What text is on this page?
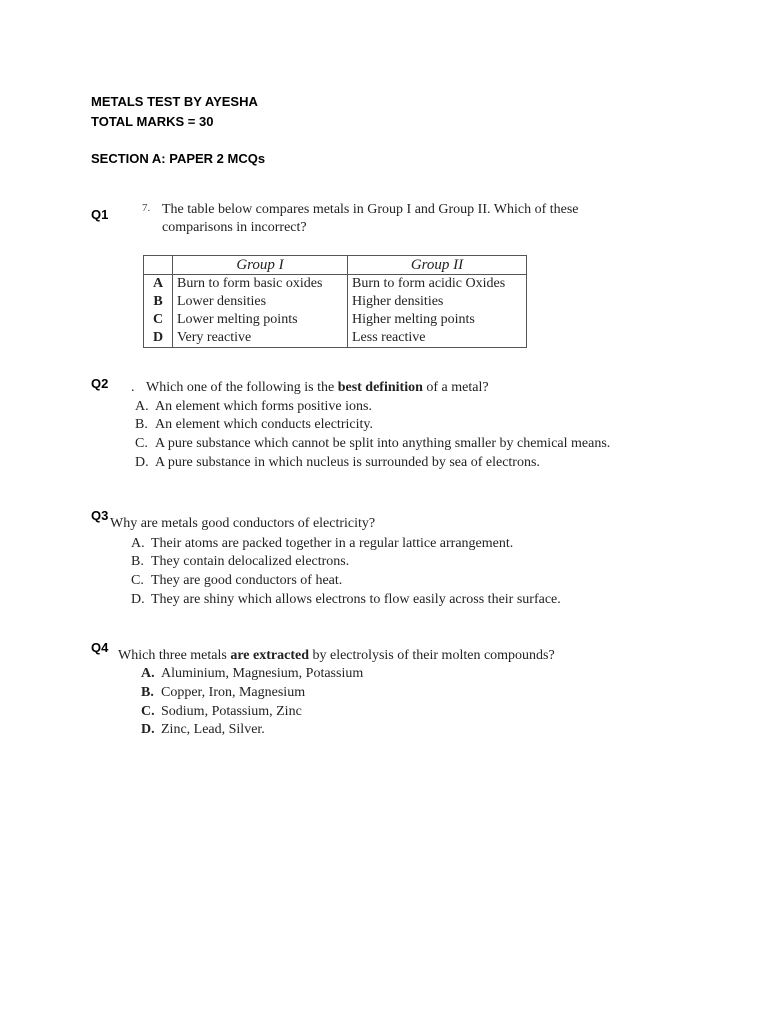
METALS TEST BY AYESHA
TOTAL MARKS = 30
SECTION A: PAPER 2 MCQs
Q1	7. The table below compares metals in Group I and Group II. Which of these
comparisons in incorrect?
	Group I	Group II
A	Burn to form basic oxides	Burn to form acidic Oxides
B	Lower densities	Higher densities
C	Lower melting points	Higher melting points
D	Very reactive	Less reactive
Q2 . Which one of the following is the best definition of a metal?
A. An element which forms positive ions.
B. An element which conducts electricity.
C. A pure substance which cannot be split into anything smaller by chemical means.
D. A pure substance in which nucleus is surrounded by sea of electrons.
Q3
Why are metals good conductors of electricity?
A. Their atoms are packed together in a regular lattice arrangement.
B. They contain delocalized electrons.
C. They are good conductors of heat.
D. They are shiny which allows electrons to flow easily across their surface.
Q4
Which three metals are extracted by electrolysis of their molten compounds?
A. Aluminium, Magnesium, Potassium
B. Copper, Iron, Magnesium
C. Sodium, Potassium, Zinc
D. Zinc, Lead, Silver.
